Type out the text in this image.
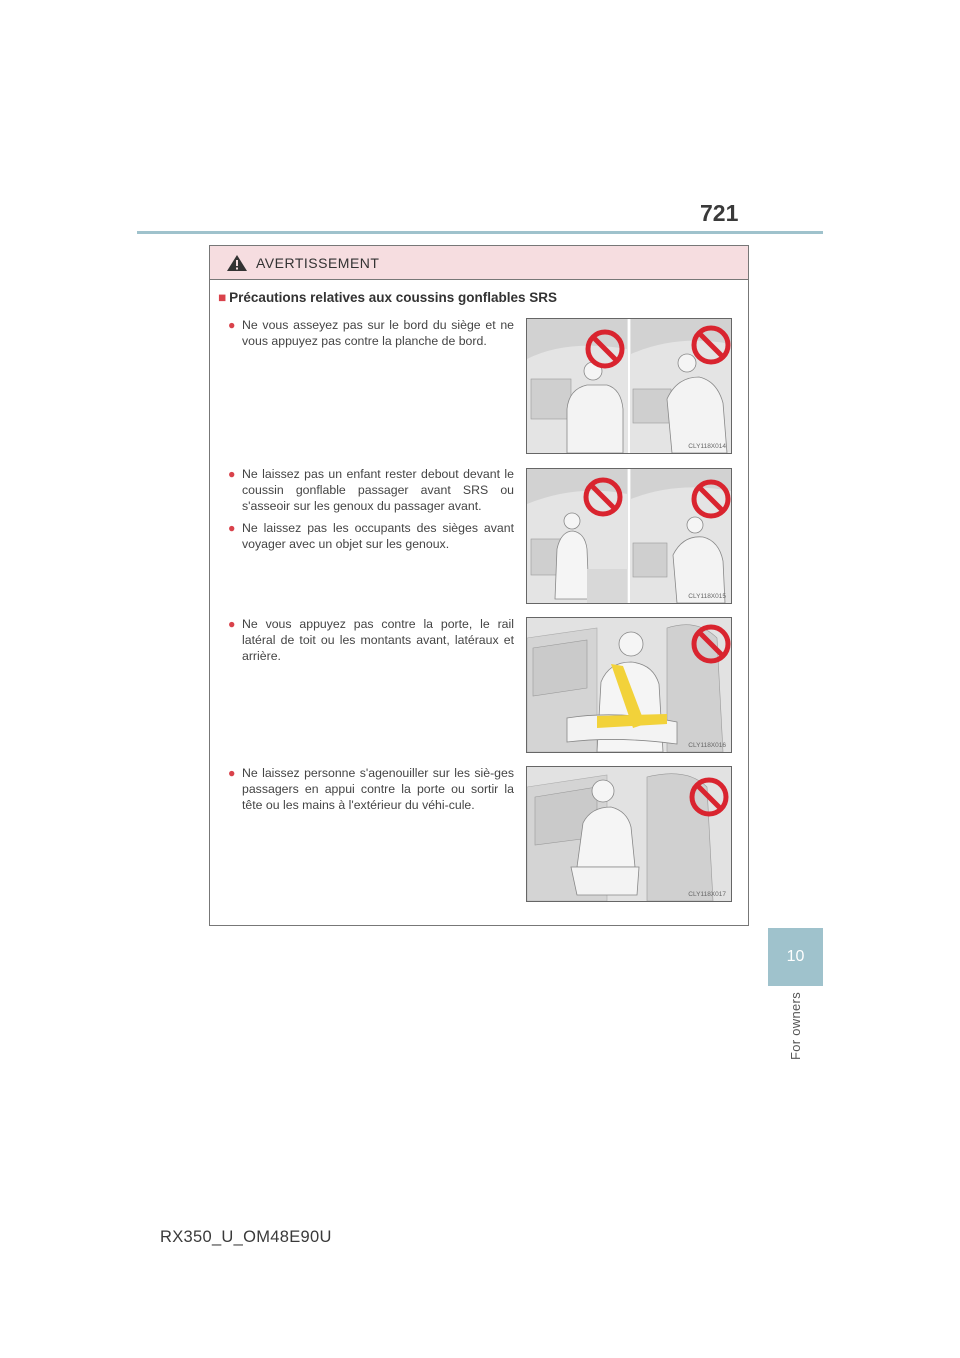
721
10
For owners
AVERTISSEMENT
■ Précautions relatives aux coussins gonflables SRS
● Ne vous asseyez pas sur le bord du siège et ne vous appuyez pas contre la planche de bord.
● Ne laissez pas un enfant rester debout devant le coussin gonflable passager avant SRS ou s'asseoir sur les genoux du passager avant.
● Ne laissez pas les occupants des sièges avant voyager avec un objet sur les genoux.
● Ne vous appuyez pas contre la porte, le rail latéral de toit ou les montants avant, latéraux et arrière.
● Ne laissez personne s'agenouiller sur les siè-ges passagers en appui contre la porte ou sortir la tête ou les mains à l'extérieur du véhi-cule.
CLY118X014
CLY118X015
CLY118X016
CLY118X017
RX350_U_OM48E90U
